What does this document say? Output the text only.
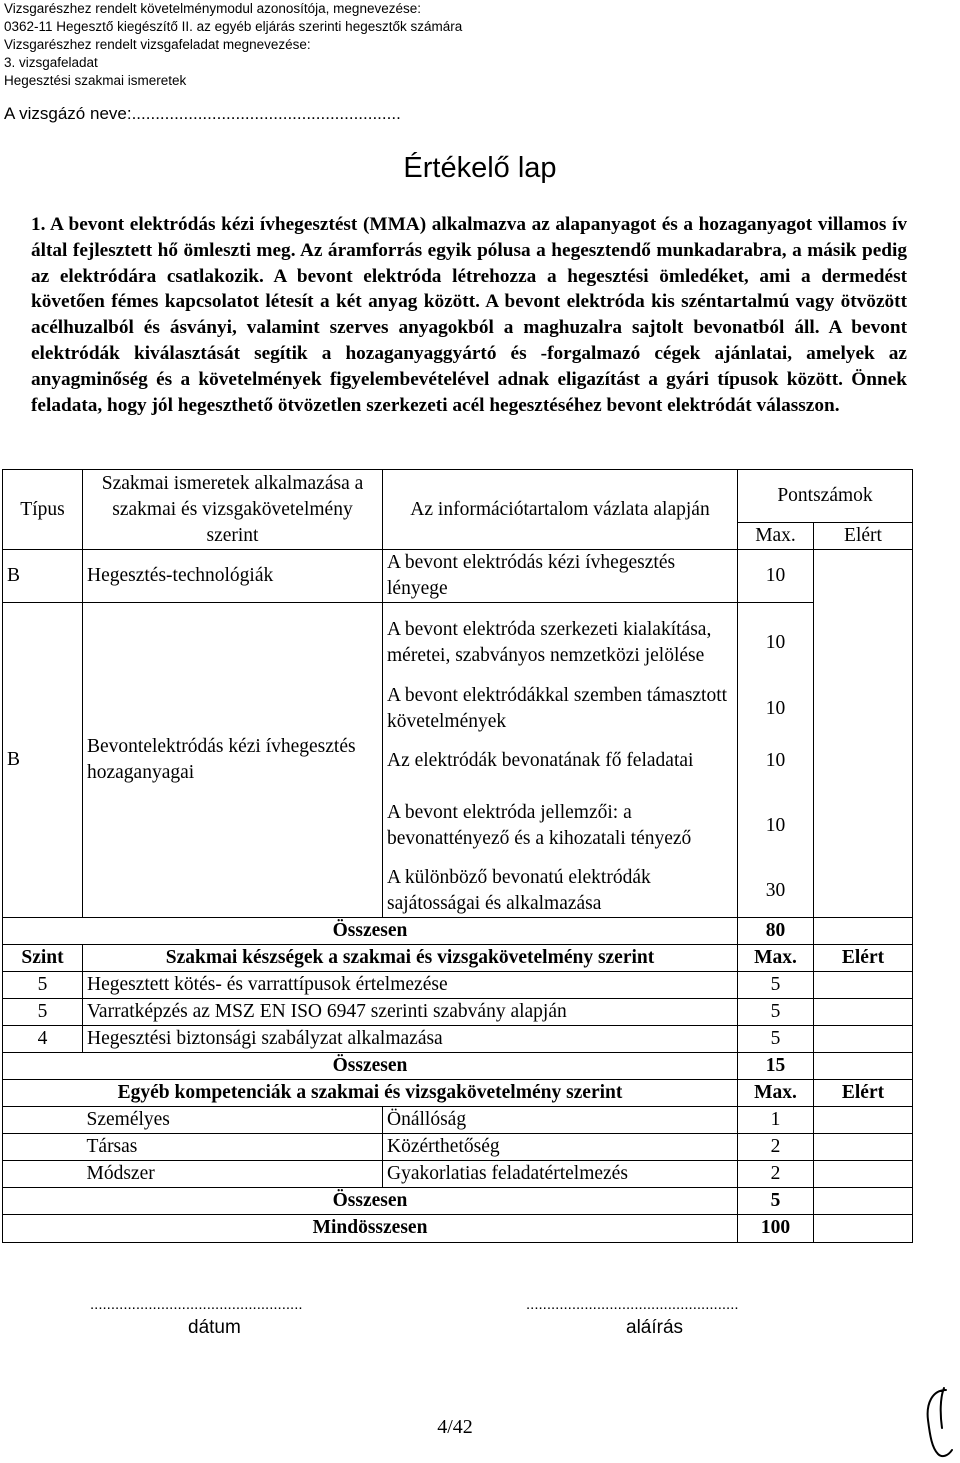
Vizsgarészhez rendelt követelménymodul azonosítója, megnevezése:
0362-11 Hegesztő kiegészítő II. az egyéb eljárás szerinti hegesztők számára
Vizsgarészhez rendelt vizsgafeladat megnevezése:
3. vizsgafeladat
Hegesztési szakmai ismeretek
A vizsgázó neve:.........................................................
Értékelő lap

1. A bevont elektródás kézi ívhegesztést (MMA) alkalmazva az alapanyagot és a hozaganyagot villamos ív által fejlesztett hő ömleszti meg. Az áramforrás egyik pólusa a hegesztendő munkadarabra, a másik pedig az elektródára csatlakozik. A bevont elektróda létrehozza a hegesztési ömledéket, ami a dermedést követően fémes kapcsolatot létesít a két anyag között. A bevont elektróda kis széntartalmú vagy ötvözött acélhuzalból és ásványi, valamint szerves anyagokból a maghuzalra sajtolt bevonatból áll. A bevont elektródák kiválasztását segítik a hozaganyaggyártó és -forgalmazó cégek ajánlatai, amelyek az anyagminőség és a követelmények figyelembevételével adnak eligazítást a gyári típusok között. Önnek feladata, hogy jól hegeszthető ötvözetlen szerkezeti acél hegesztéséhez bevont elektródát válasszon.

Típus	Szakmai ismeretek alkalmazása a szakmai és vizsgakövetelmény szerint	Az információtartalom vázlata alapján	Pontszámok	
			Max.	Elért
B	Hegesztés-technológiák	A bevont elektródás kézi ívhegesztés lényege	10	
B	Bevontelektródás kézi ívhegesztés hozaganyagai	A bevont elektróda szerkezeti kialakítása, méretei, szabványos nemzetközi jelölése	10	
		A bevont elektródákkal szemben támasztott követelmények	10	
		Az elektródák bevonatának fő feladatai	10	
		A bevont elektróda jellemzői: a bevonattényező és a kihozatali tényező	10	
		A különböző bevonatú elektródák sajátosságai és alkalmazása	30	
Összesen			80	
Szint	Szakmai készségek a szakmai és vizsgakövetelmény szerint		Max.	Elért
5	Hegesztett kötés- és varrattípusok értelmezése		5	
5	Varratképzés az MSZ EN ISO 6947 szerinti szabvány alapján		5	
4	Hegesztési biztonsági szabályzat alkalmazása		5	
Összesen			15	
Egyéb kompetenciák a szakmai és vizsgakövetelmény szerint			Max.	Elért
	Személyes	Önállóság	1	
	Társas	Közérthetőség	2	
	Módszer	Gyakorlatias feladatértelmezés	2	
Összesen			5	
Mindösszesen			100	
...................................................
dátum
...................................................
aláírás
4/42
